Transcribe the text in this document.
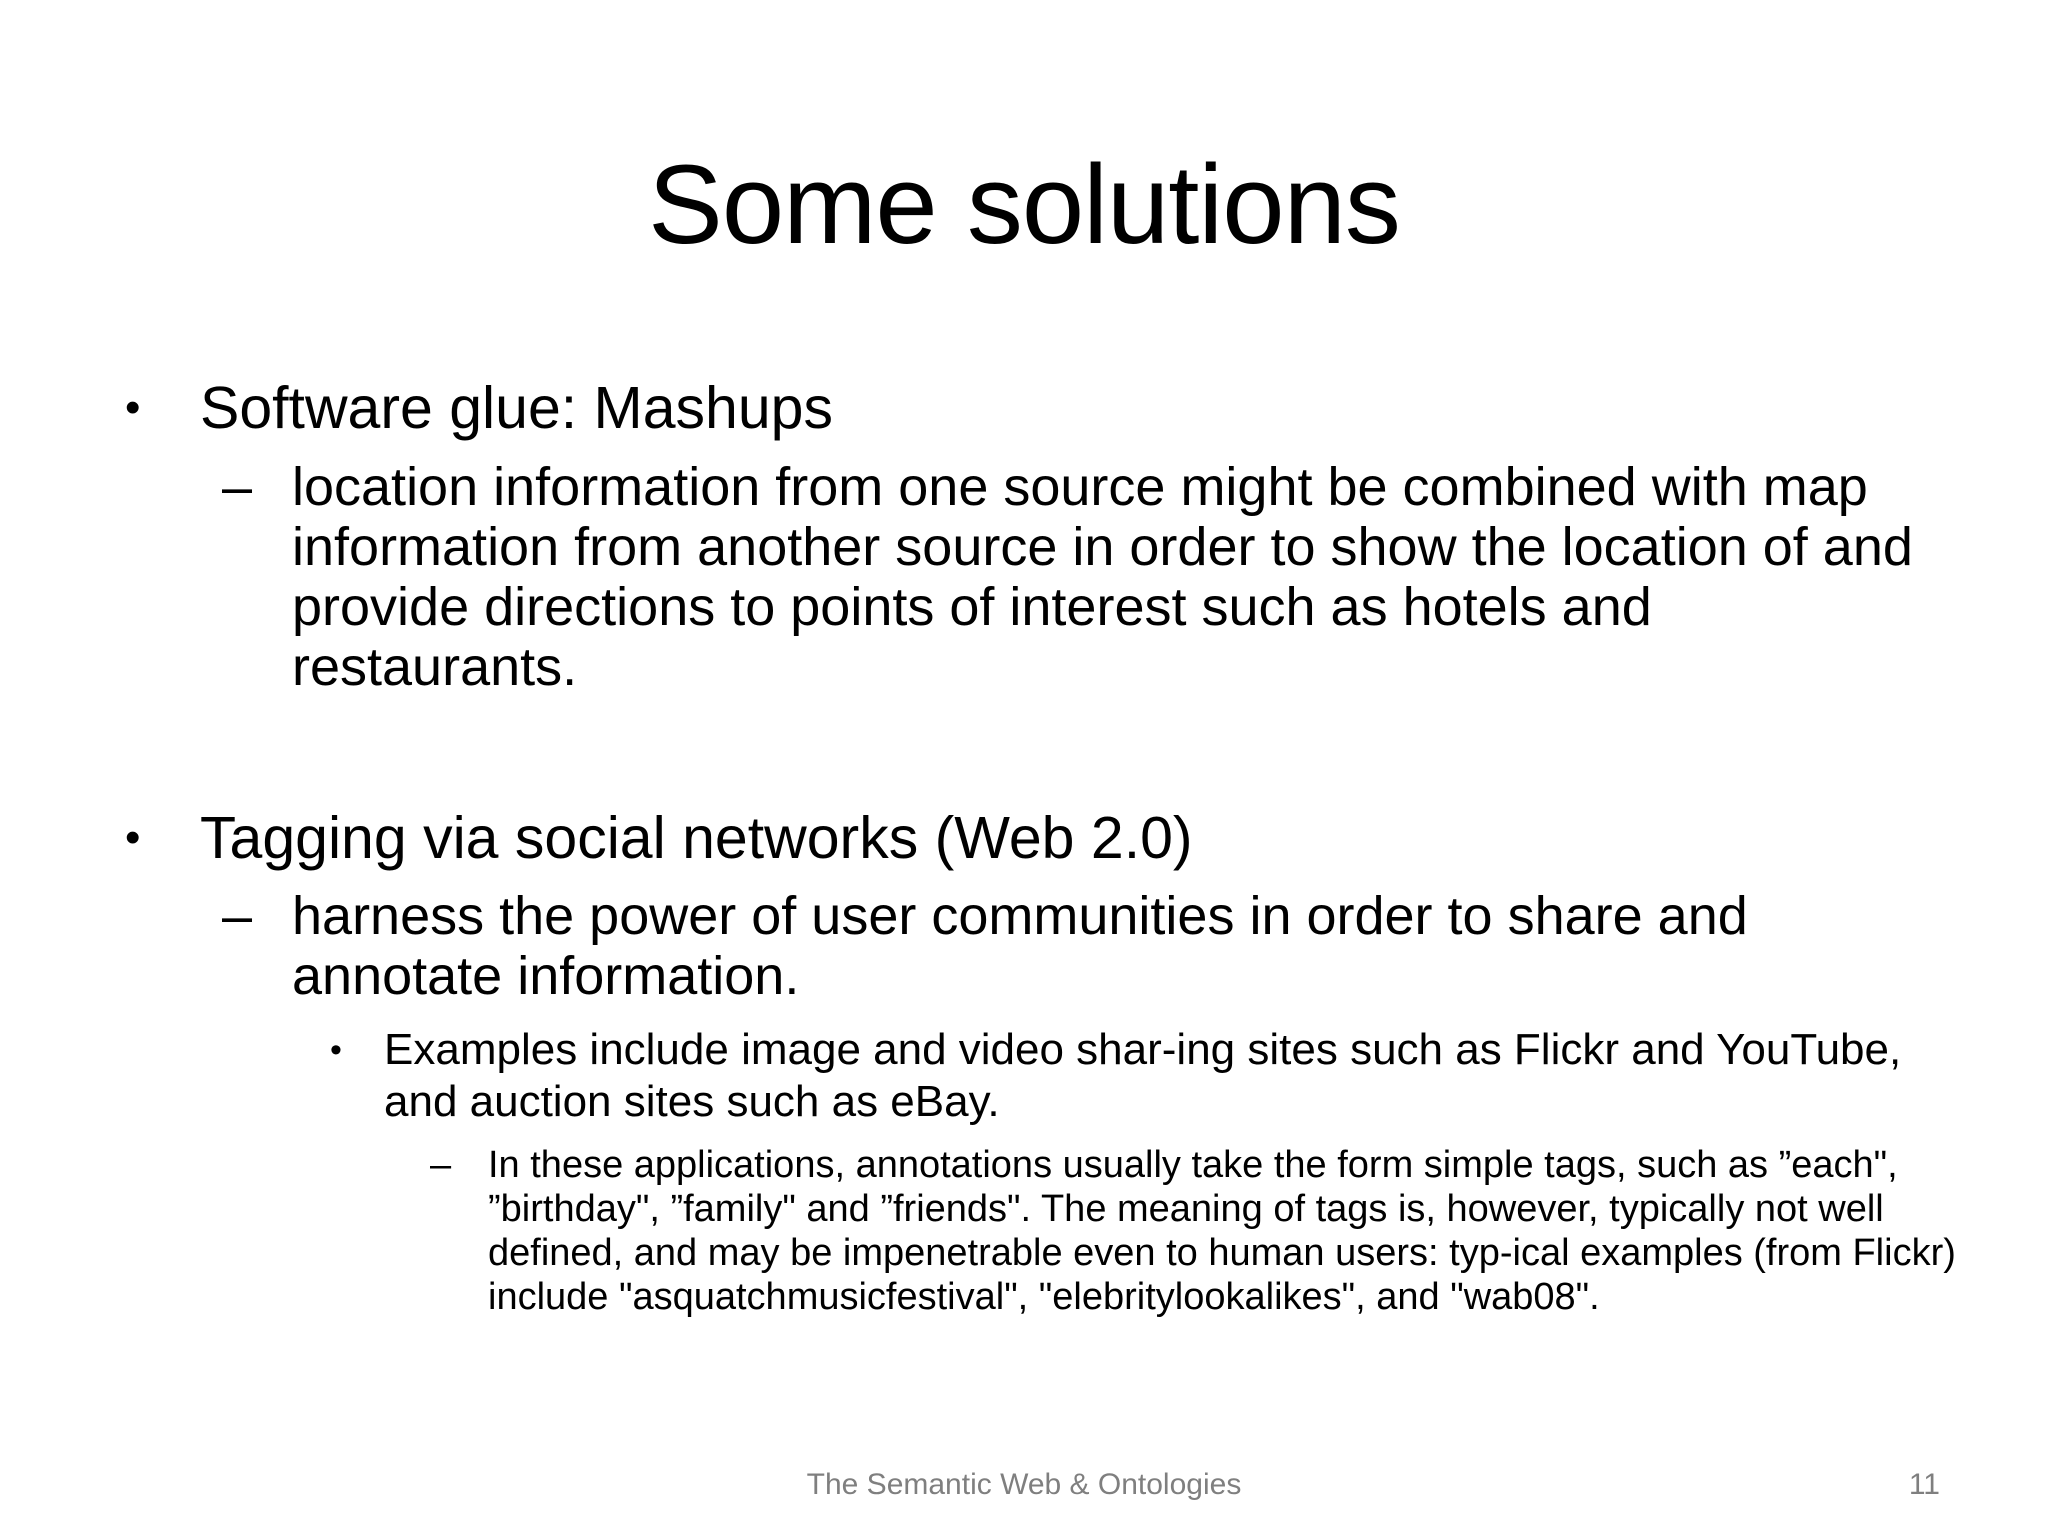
Some solutions
• Software glue: Mashups
– location information from one source might be combined with map information from another source in order to show the location of and provide directions to points of interest such as hotels and restaurants.
• Tagging via social networks (Web 2.0)
– harness the power of user communities in order to share and annotate information.
• Examples include image and video shar-ing sites such as Flickr and YouTube, and auction sites such as eBay.
– In these applications, annotations usually take the form simple tags, such as ”each", ”birthday", ”family" and ”friends". The meaning of tags is, however, typically not well defined, and may be impenetrable even to human users: typ-ical examples (from Flickr) include "asquatchmusicfestival", "elebritylookalikes", and "wab08".
The Semantic Web & Ontologies	11
